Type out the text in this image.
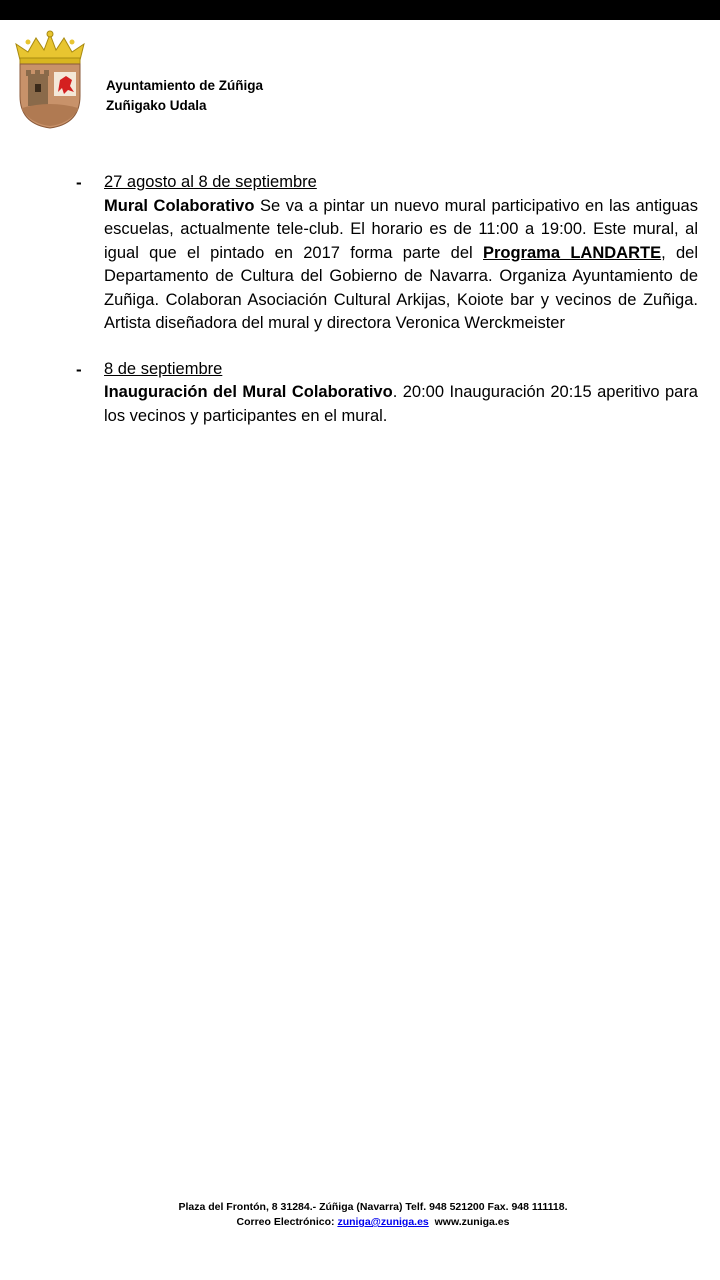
Ayuntamiento de Zúñiga
Zuñigako Udala
- 27 agosto al 8 de septiembre
Mural Colaborativo Se va a pintar un nuevo mural participativo en las antiguas escuelas, actualmente tele-club. El horario es de 11:00 a 19:00. Este mural, al igual que el pintado en 2017 forma parte del Programa LANDARTE, del Departamento de Cultura del Gobierno de Navarra. Organiza Ayuntamiento de Zuñiga. Colaboran Asociación Cultural Arkijas, Koiote bar y vecinos de Zuñiga. Artista diseñadora del mural y directora Veronica Werckmeister
- 8 de septiembre
Inauguración del Mural Colaborativo. 20:00 Inauguración 20:15 aperitivo para los vecinos y participantes en el mural.
Plaza del Frontón, 8 31284.- Zúñiga (Navarra) Telf. 948 521200 Fax. 948 111118.
Correo Electrónico: zuniga@zuniga.es  www.zuniga.es
